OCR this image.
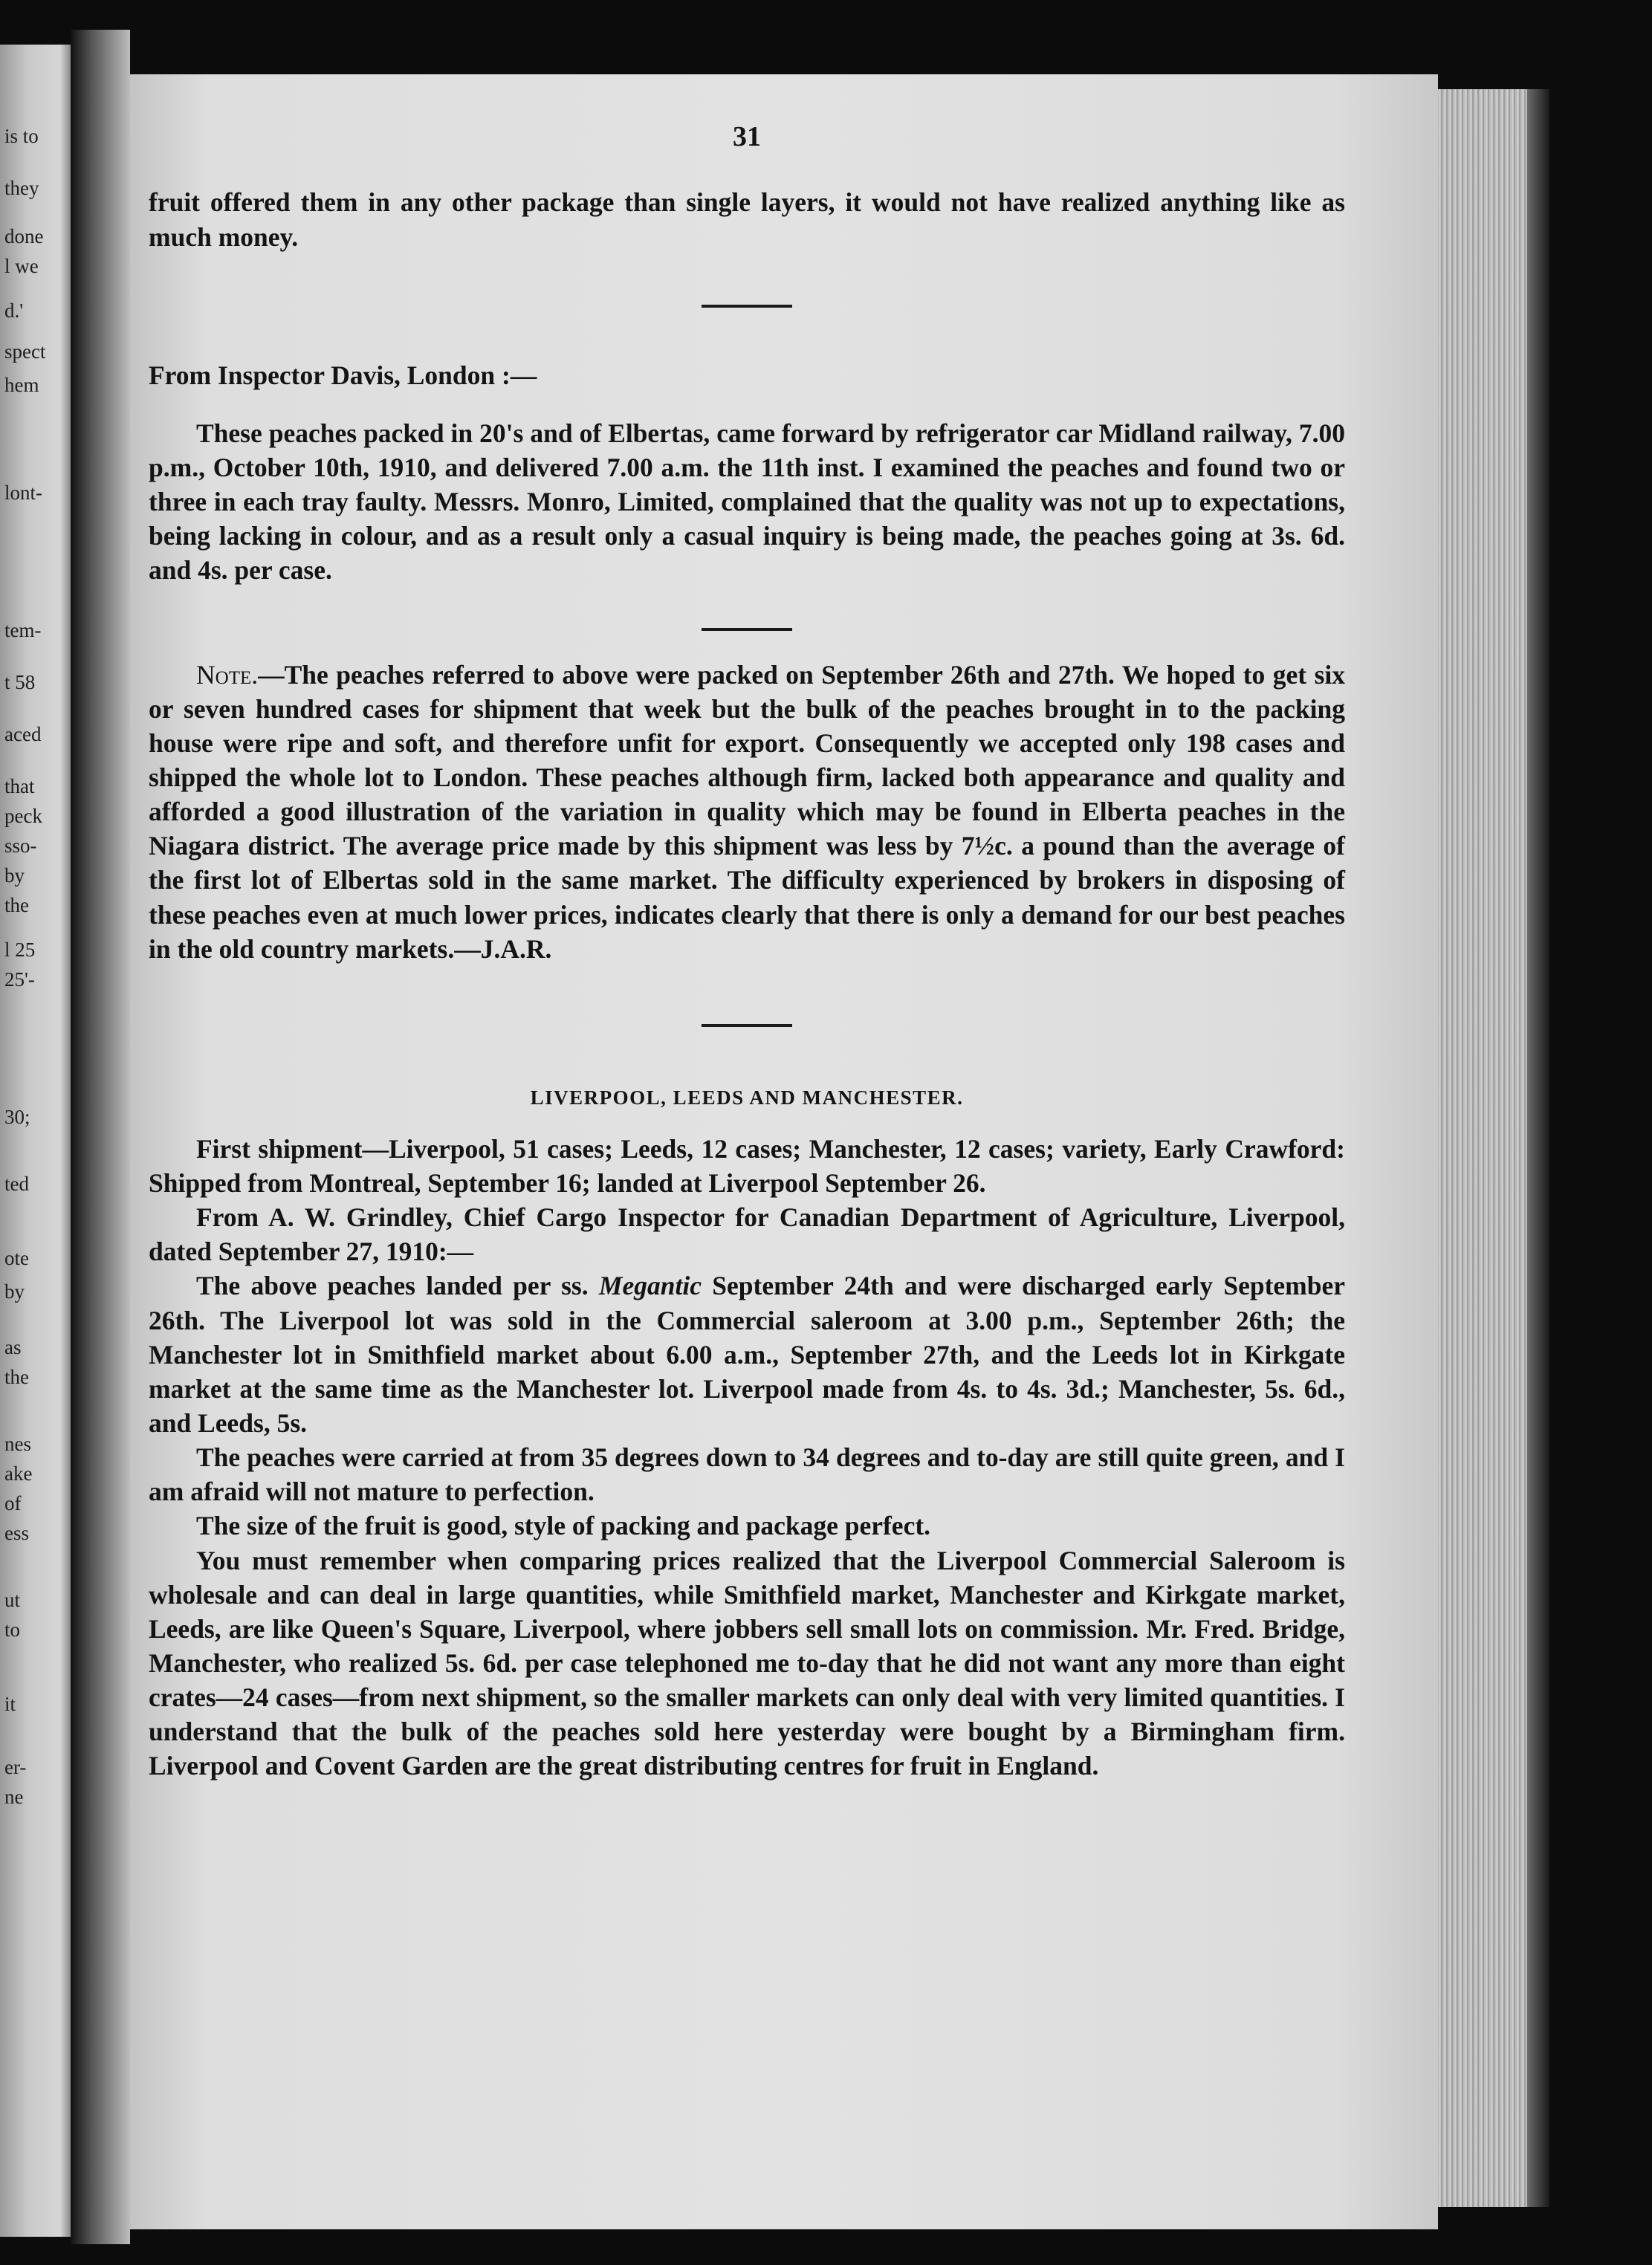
is to
they
done
l we
d.'
spect
hem
lont-
tem-
t 58
aced
that
peck
sso-
by
the
l 25
25'-
30;
ted
ote
by
as
the
nes
ake
of
ess
ut
to
it
er-
ne
31

fruit offered them in any other package than single layers, it would not have realized anything like as much money.

From Inspector Davis, London :—

These peaches packed in 20's and of Elbertas, came forward by refrigerator car Midland railway, 7.00 p.m., October 10th, 1910, and delivered 7.00 a.m. the 11th inst. I examined the peaches and found two or three in each tray faulty. Messrs. Monro, Limited, complained that the quality was not up to expectations, being lacking in colour, and as a result only a casual inquiry is being made, the peaches going at 3s. 6d. and 4s. per case.

Note.—The peaches referred to above were packed on September 26th and 27th. We hoped to get six or seven hundred cases for shipment that week but the bulk of the peaches brought in to the packing house were ripe and soft, and therefore unfit for export. Consequently we accepted only 198 cases and shipped the whole lot to London. These peaches although firm, lacked both appearance and quality and afforded a good illustration of the variation in quality which may be found in Elberta peaches in the Niagara district. The average price made by this shipment was less by 7½c. a pound than the average of the first lot of Elbertas sold in the same market. The difficulty experienced by brokers in disposing of these peaches even at much lower prices, indicates clearly that there is only a demand for our best peaches in the old country markets.—J.A.R.

LIVERPOOL, LEEDS AND MANCHESTER.

First shipment—Liverpool, 51 cases; Leeds, 12 cases; Manchester, 12 cases; variety, Early Crawford: Shipped from Montreal, September 16; landed at Liverpool September 26.

From A. W. Grindley, Chief Cargo Inspector for Canadian Department of Agriculture, Liverpool, dated September 27, 1910:—

The above peaches landed per ss. Megantic September 24th and were discharged early September 26th. The Liverpool lot was sold in the Commercial saleroom at 3.00 p.m., September 26th; the Manchester lot in Smithfield market about 6.00 a.m., September 27th, and the Leeds lot in Kirkgate market at the same time as the Manchester lot. Liverpool made from 4s. to 4s. 3d.; Manchester, 5s. 6d., and Leeds, 5s.

The peaches were carried at from 35 degrees down to 34 degrees and to-day are still quite green, and I am afraid will not mature to perfection.

The size of the fruit is good, style of packing and package perfect.

You must remember when comparing prices realized that the Liverpool Commercial Saleroom is wholesale and can deal in large quantities, while Smithfield market, Manchester and Kirkgate market, Leeds, are like Queen's Square, Liverpool, where jobbers sell small lots on commission. Mr. Fred. Bridge, Manchester, who realized 5s. 6d. per case telephoned me to-day that he did not want any more than eight crates—24 cases—from next shipment, so the smaller markets can only deal with very limited quantities. I understand that the bulk of the peaches sold here yesterday were bought by a Birmingham firm. Liverpool and Covent Garden are the great distributing centres for fruit in England.
